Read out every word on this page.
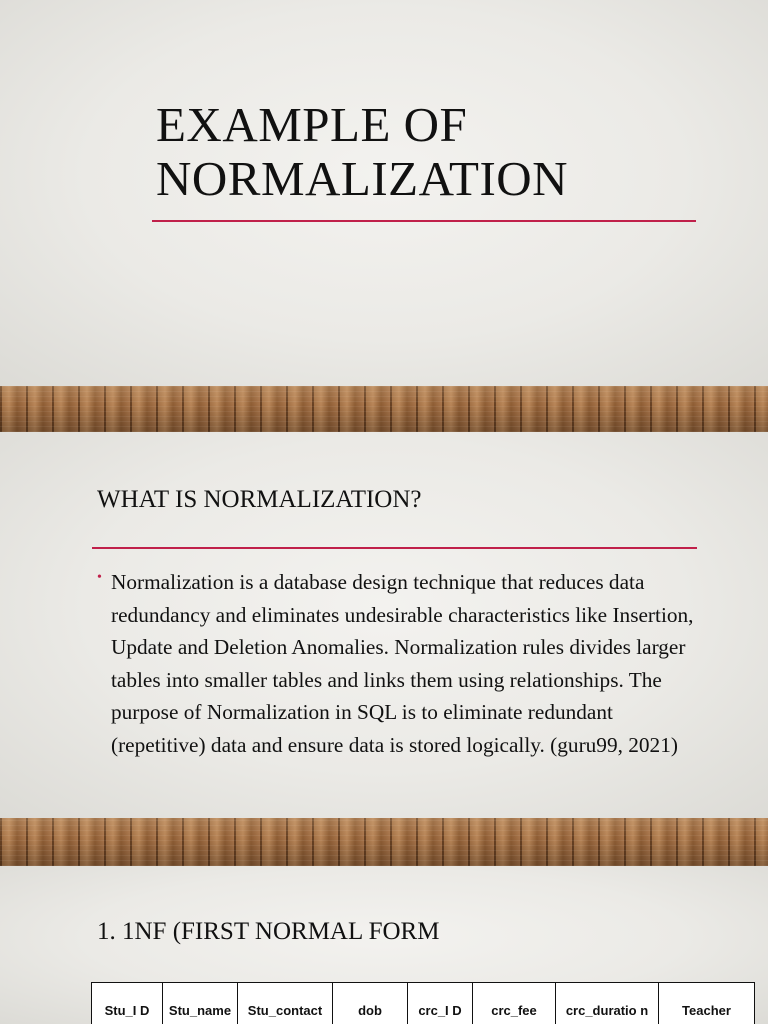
EXAMPLE OF
NORMALIZATION
WHAT IS NORMALIZATION?
• Normalization is a database design technique that reduces data redundancy and eliminates undesirable characteristics like Insertion, Update and Deletion Anomalies. Normalization rules divides larger tables into smaller tables and links them using relationships. The purpose of Normalization in SQL is to eliminate redundant (repetitive) data and ensure data is stored logically. (guru99, 2021)
1. 1NF (FIRST NORMAL FORM
Stu_I D	Stu_name	Stu_contact	dob	crc_I D	crc_fee	crc_duratio n	Teacher
